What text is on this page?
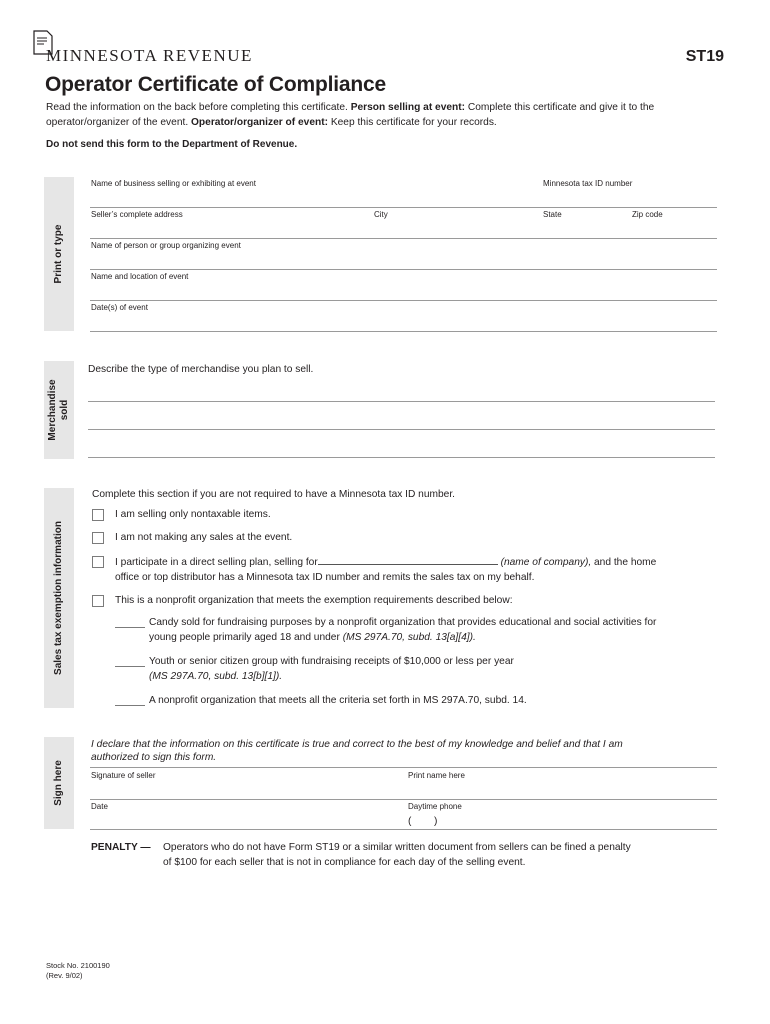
MINNESOTA REVENUE	ST19
Operator Certificate of Compliance
Read the information on the back before completing this certificate. Person selling at event: Complete this certificate and give it to the operator/organizer of the event. Operator/organizer of event: Keep this certificate for your records.
Do not send this form to the Department of Revenue.
Print or type
Name of business selling or exhibiting at event	Minnesota tax ID number
Seller’s complete address	City	State	Zip code
Name of person or group organizing event
Name and location of event
Date(s) of event
Merchandise sold
Describe the type of merchandise you plan to sell.
Sales tax exemption information
Complete this section if you are not required to have a Minnesota tax ID number.
I am selling only nontaxable items.
I am not making any sales at the event.
I participate in a direct selling plan, selling for	(name of company), and the home
office or top distributor has a Minnesota tax ID number and remits the sales tax on my behalf.
This is a nonprofit organization that meets the exemption requirements described below:
Candy sold for fundraising purposes by a nonprofit organization that provides educational and social activities for
young people primarily aged 18 and under (MS 297A.70, subd. 13[a][4]).
Youth or senior citizen group with fundraising receipts of $10,000 or less per year
(MS 297A.70, subd. 13[b][1]).
A nonprofit organization that meets all the criteria set forth in MS 297A.70, subd. 14.
Sign here
I declare that the information on this certificate is true and correct to the best of my knowledge and belief and that I am
authorized to sign this form.
Signature of seller	Print name here
Date	Daytime phone
(        )
PENALTY — Operators who do not have Form ST19 or a similar written document from sellers can be fined a penalty
of $100 for each seller that is not in compliance for each day of the selling event.
Stock No. 2100190
(Rev. 9/02)
